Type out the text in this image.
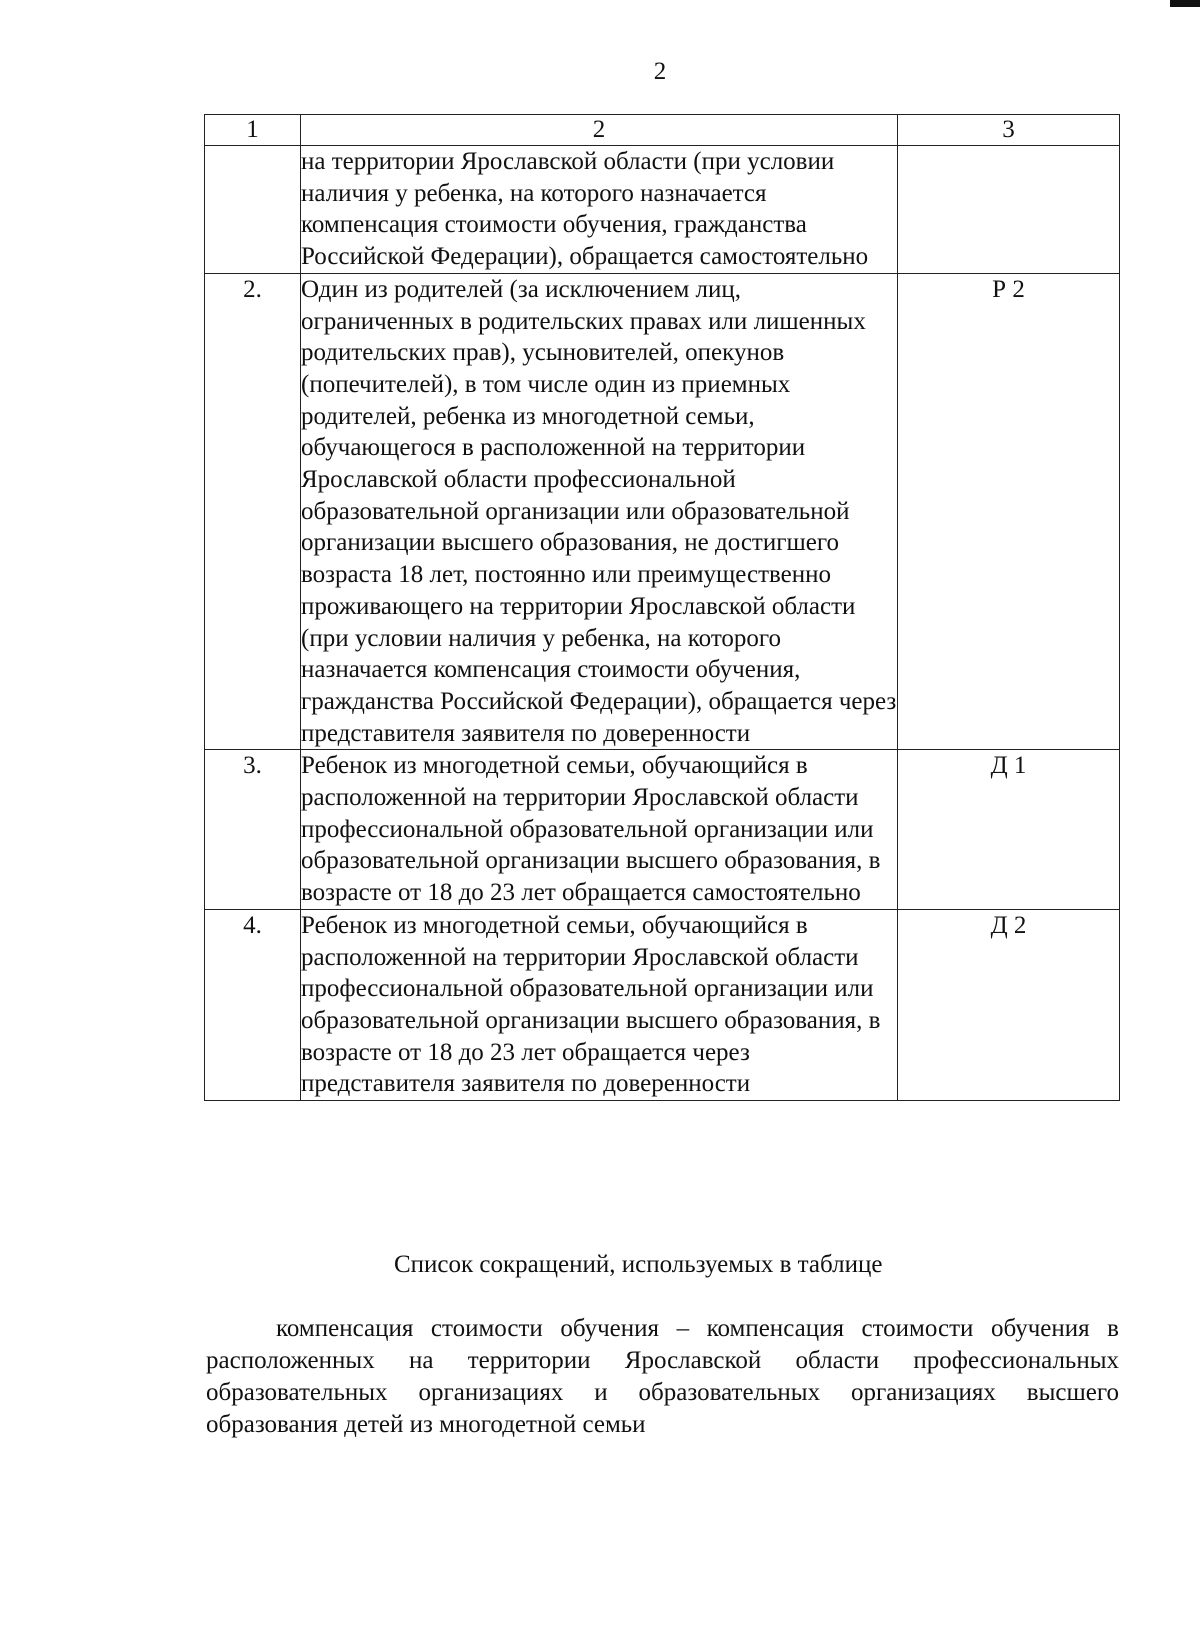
2
1	2	3
	на территории Ярославской области (при условии наличия у ребенка, на которого назначается компенсация стоимости обучения, гражданства Российской Федерации), обращается самостоятельно	
2.	Один из родителей (за исключением лиц, ограниченных в родительских правах или лишенных родительских прав), усыновителей, опекунов (попечителей), в том числе один из приемных родителей, ребенка из многодетной семьи, обучающегося в расположенной на территории Ярославской области профессиональной образовательной организации или образовательной организации высшего образования, не достигшего возраста 18 лет, постоянно или преимущественно проживающего на территории Ярославской области (при условии наличия у ребенка, на которого назначается компенсация стоимости обучения, гражданства Российской Федерации), обращается через представителя заявителя по доверенности	Р 2
3.	Ребенок из многодетной семьи, обучающийся в расположенной на территории Ярославской области профессиональной образовательной организации или образовательной организации высшего образования, в возрасте от 18 до 23 лет обращается самостоятельно	Д 1
4.	Ребенок из многодетной семьи, обучающийся в расположенной на территории Ярославской области профессиональной образовательной организации или образовательной организации высшего образования, в возрасте от 18 до 23 лет обращается через представителя заявителя по доверенности	Д 2
Список сокращений, используемых в таблице

компенсация стоимости обучения – компенсация стоимости обучения в расположенных на территории Ярославской области профессиональных образовательных организациях и образовательных организациях высшего образования детей из многодетной семьи
